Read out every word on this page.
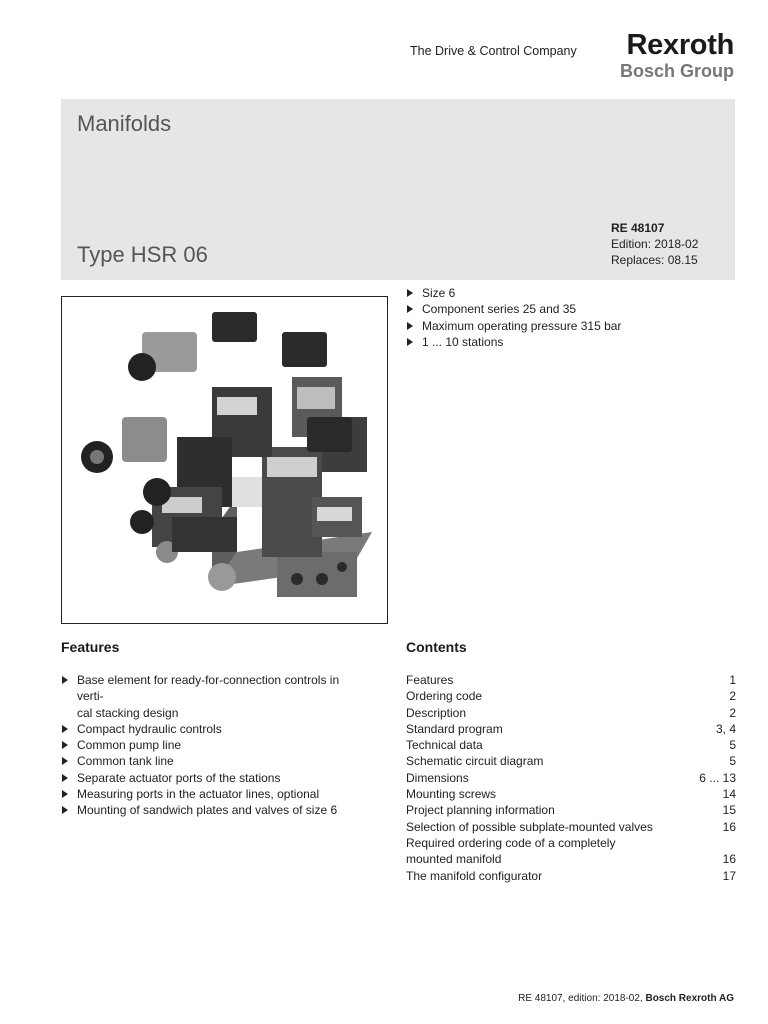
The Drive & Control Company Rexroth
Bosch Group
Manifolds
Type HSR 06
RE 48107
Edition: 2018-02
Replaces: 08.15
Size 6
Component series 25 and 35
Maximum operating pressure 315 bar
1 ... 10 stations
Features
Base element for ready-for-connection controls in verti-
cal stacking design
Compact hydraulic controls
Common pump line
Common tank line
Separate actuator ports of the stations
Measuring ports in the actuator lines, optional
Mounting of sandwich plates and valves of size 6
Contents
Features	1
Ordering code	2
Description	2
Standard program	3, 4
Technical data	5
Schematic circuit diagram	5
Dimensions	6 ... 13
Mounting screws	14
Project planning information	15
Selection of possible subplate-mounted valves	16
Required ordering code of a completely
mounted manifold	16
The manifold configurator	17
RE 48107, edition: 2018-02, Bosch Rexroth AG
